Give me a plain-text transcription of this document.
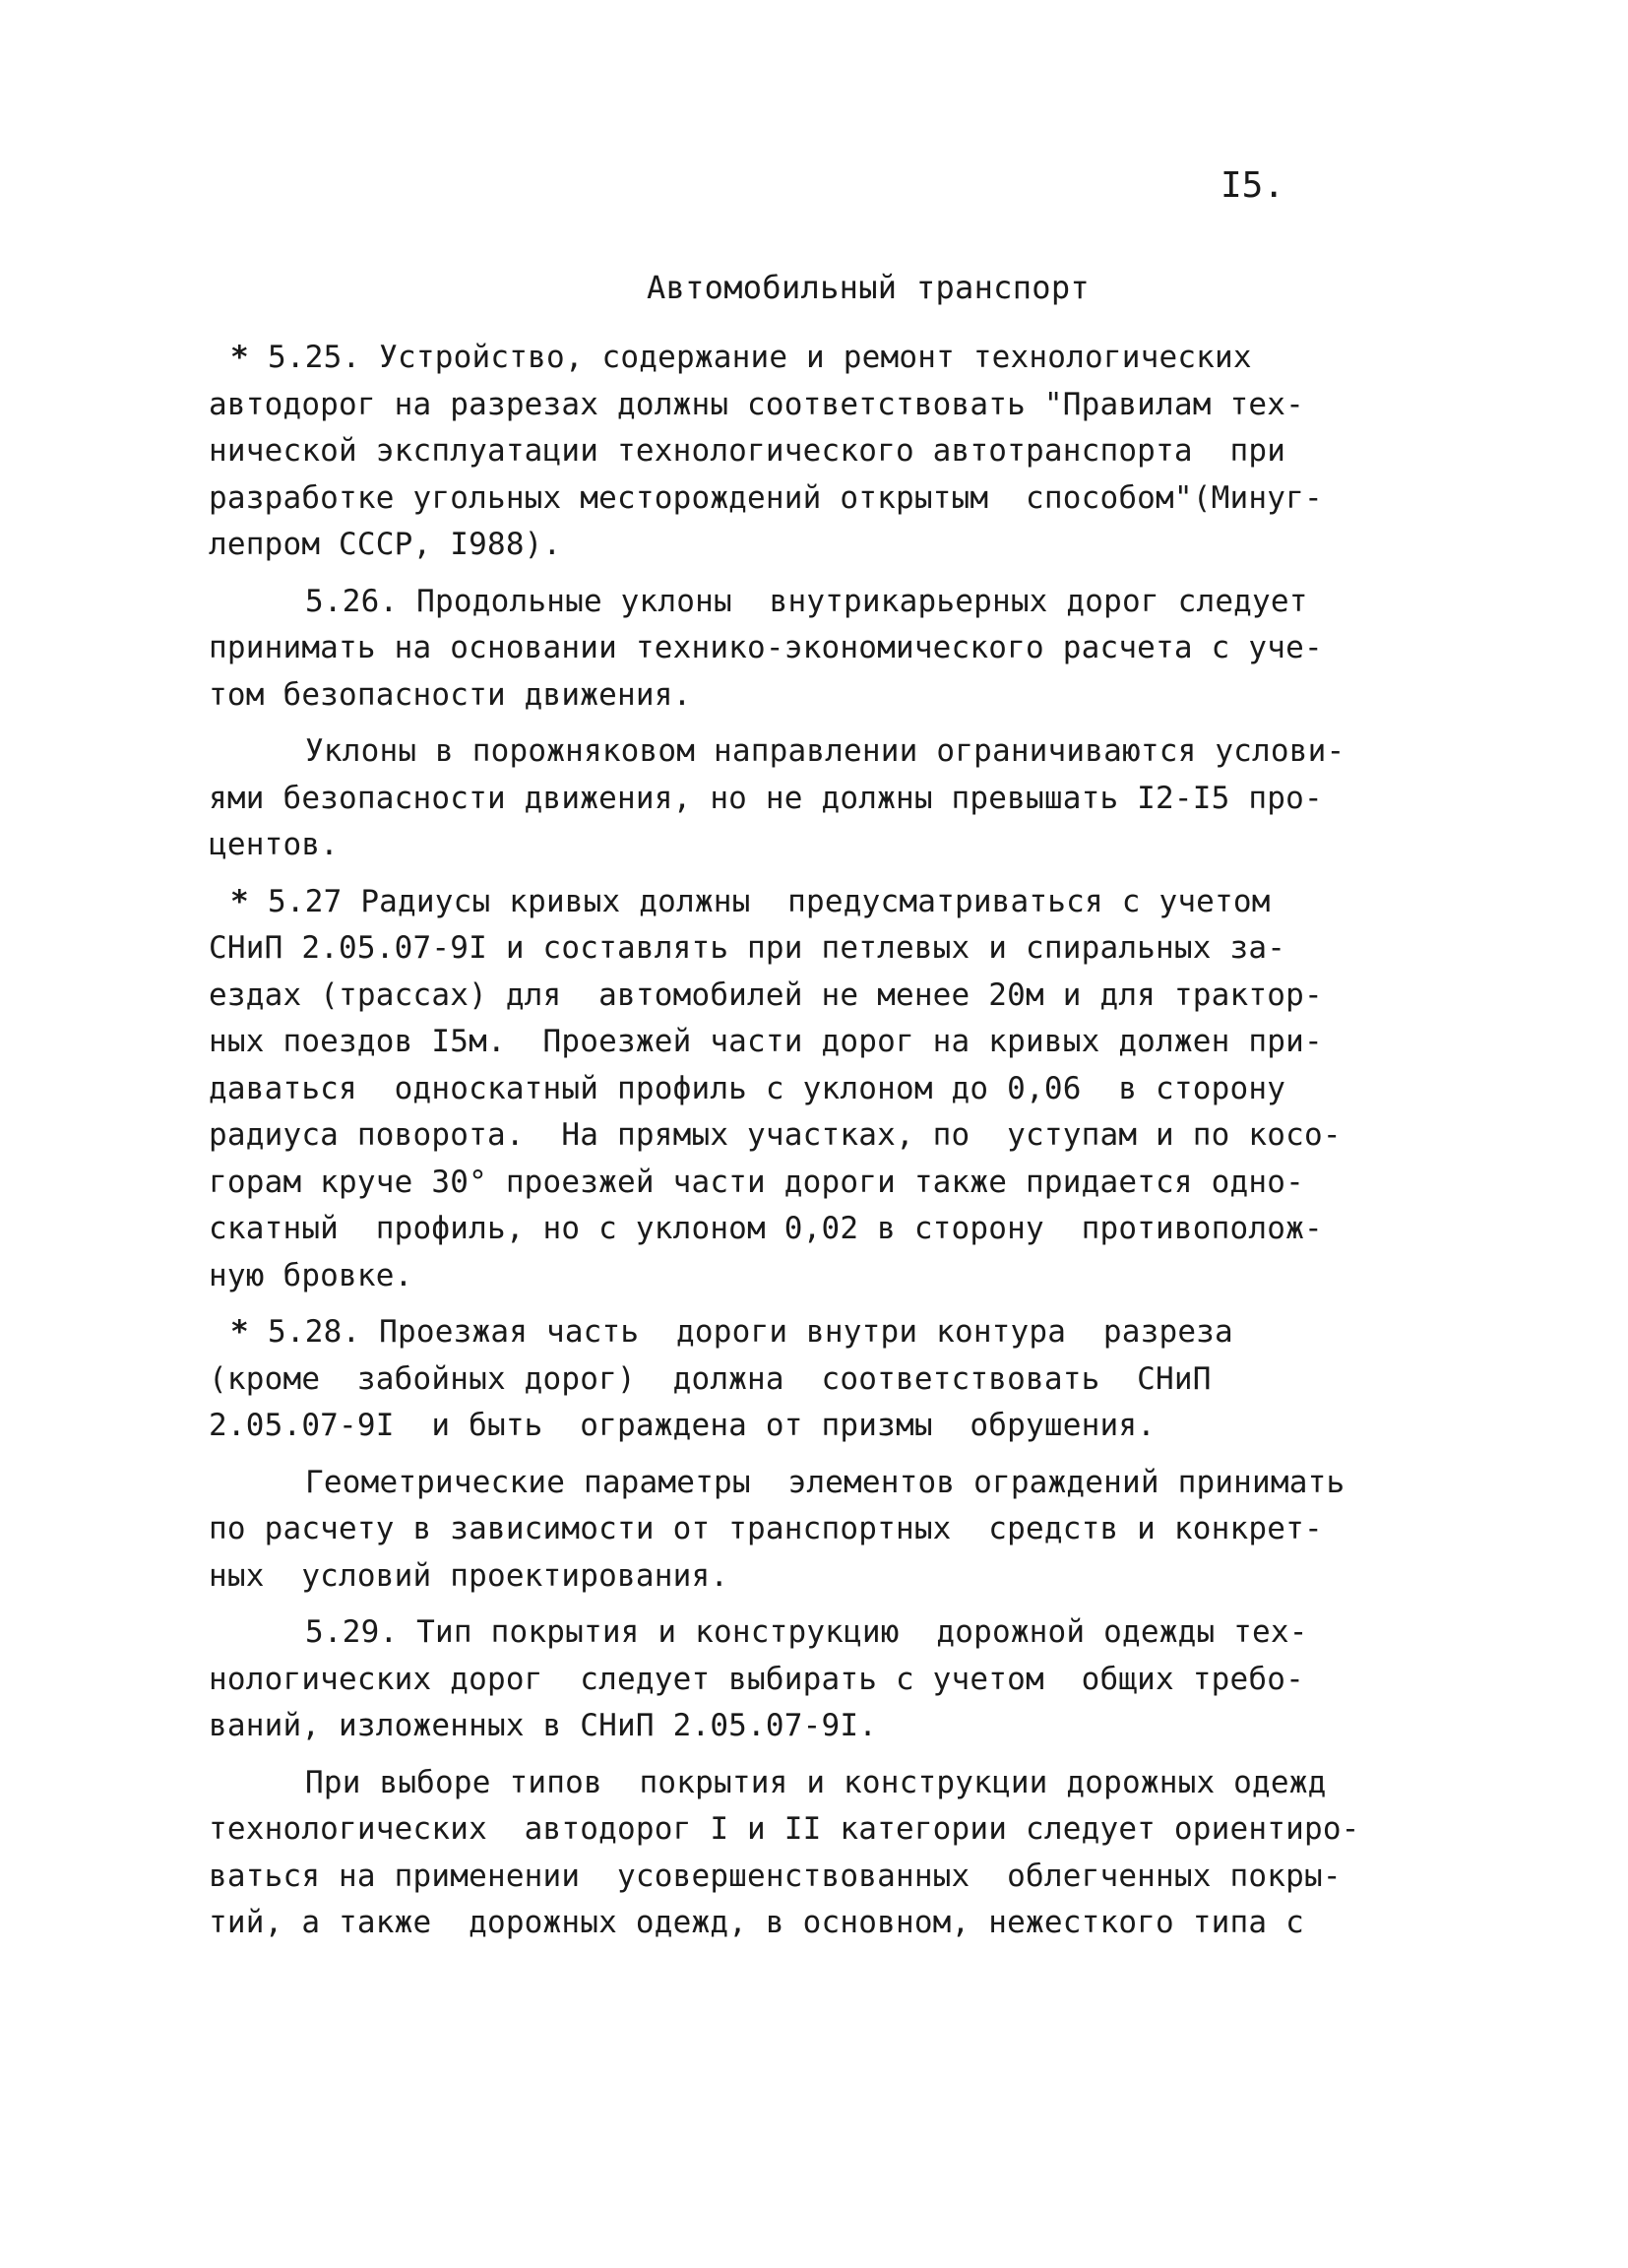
I5.
Автомобильный транспорт
* 5.25. Устройство, содержание и ремонт технологических
автодорог на разрезах должны соответствовать "Правилам тех-
нической эксплуатации технологического автотранспорта  при
разработке угольных месторождений открытым  способом"(Минуг-
лепром СССР, I988).
5.26. Продольные уклоны  внутрикарьерных дорог следует
принимать на основании технико-экономического расчета с уче-
том безопасности движения.
Уклоны в порожняковом направлении ограничиваются услови-
ями безопасности движения, но не должны превышать I2-I5 про-
центов.
* 5.27 Радиусы кривых должны  предусматриваться с учетом
СНиП 2.05.07-9I и составлять при петлевых и спиральных за-
ездах (трассах) для  автомобилей не менее 20м и для трактор-
ных поездов I5м.  Проезжей части дорог на кривых должен при-
даваться  односкатный профиль с уклоном до 0,06  в сторону
радиуса поворота.  На прямых участках, по  уступам и по косо-
горам круче 30° проезжей части дороги также придается одно-
скатный  профиль, но с уклоном 0,02 в сторону  противополож-
ную бровке.
* 5.28. Проезжая часть  дороги внутри контура  разреза
(кроме  забойных дорог)  должна  соответствовать  СНиП
2.05.07-9I  и быть  ограждена от призмы  обрушения.
Геометрические параметры  элементов ограждений принимать
по расчету в зависимости от транспортных  средств и конкрет-
ных  условий проектирования.
5.29. Тип покрытия и конструкцию  дорожной одежды тех-
нологических дорог  следует выбирать с учетом  общих требо-
ваний, изложенных в СНиП 2.05.07-9I.
При выборе типов  покрытия и конструкции дорожных одежд
технологических  автодорог I и II категории следует ориентиро-
ваться на применении  усовершенствованных  облегченных покры-
тий, а также  дорожных одежд, в основном, нежесткого типа с
